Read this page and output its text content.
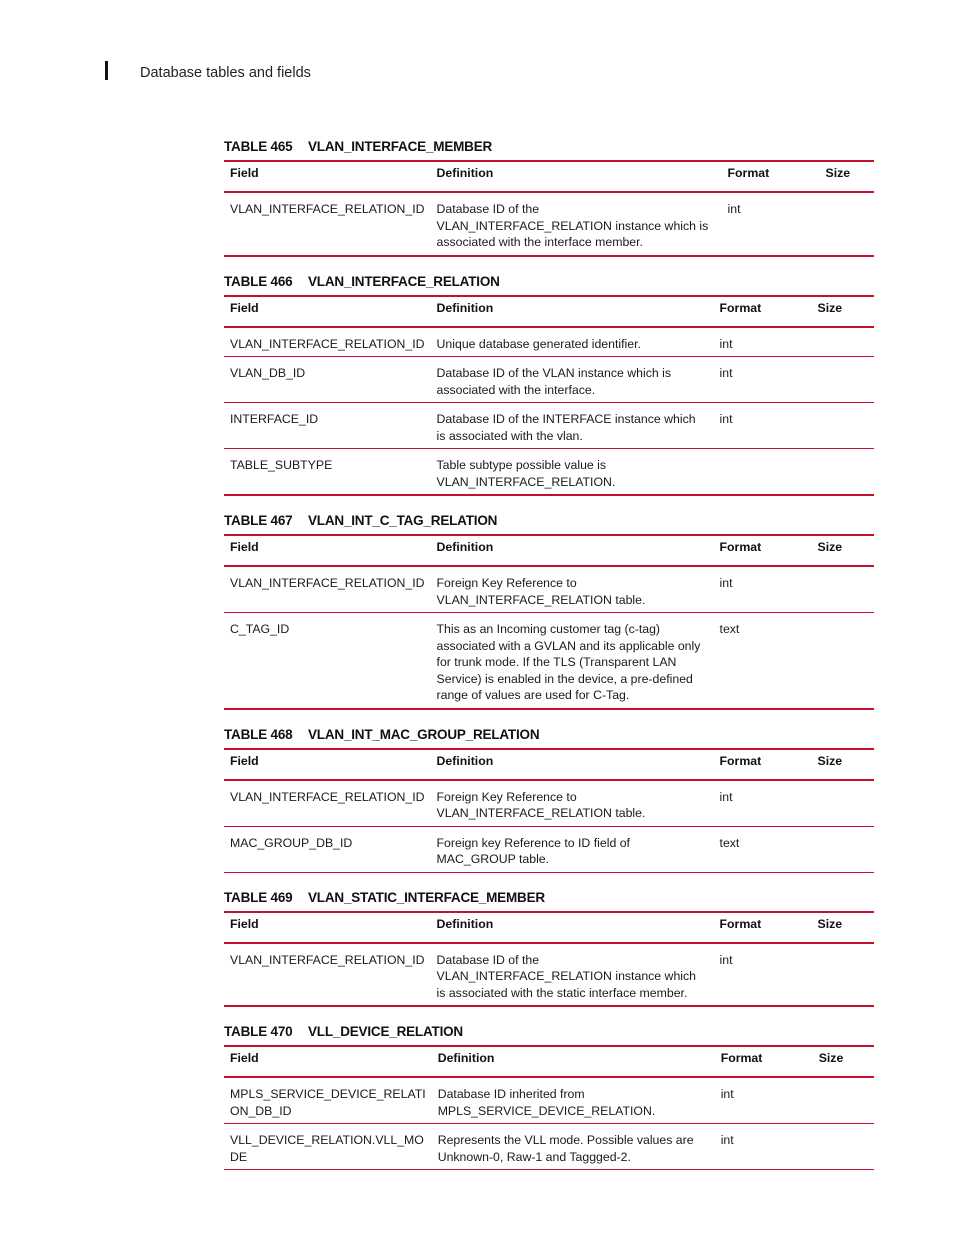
Database tables and fields
TABLE 465	VLAN_INTERFACE_MEMBER
Field	Definition	Format	Size
VLAN_INTERFACE_RELATION_ID	Database ID of the VLAN_INTERFACE_RELATION instance which is associated with the interface member.	int	
TABLE 466	VLAN_INTERFACE_RELATION
Field	Definition	Format	Size
VLAN_INTERFACE_RELATION_ID	Unique database generated identifier.	int	
VLAN_DB_ID	Database ID of the VLAN instance which is associated with the interface.	int	
INTERFACE_ID	Database ID of the INTERFACE instance which is associated with the vlan.	int	
TABLE_SUBTYPE	Table subtype possible value is VLAN_INTERFACE_RELATION.		
TABLE 467	VLAN_INT_C_TAG_RELATION
Field	Definition	Format	Size
VLAN_INTERFACE_RELATION_ID	Foreign Key Reference to VLAN_INTERFACE_RELATION table.	int	
C_TAG_ID	This as an Incoming customer tag (c-tag) associated with a GVLAN and its applicable only for trunk mode. If the TLS (Transparent LAN Service) is enabled in the device, a pre-defined range of values are used for C-Tag.	text	
TABLE 468	VLAN_INT_MAC_GROUP_RELATION
Field	Definition	Format	Size
VLAN_INTERFACE_RELATION_ID	Foreign Key Reference to VLAN_INTERFACE_RELATION table.	int	
MAC_GROUP_DB_ID	Foreign key Reference to ID field of MAC_GROUP table.	text	
TABLE 469	VLAN_STATIC_INTERFACE_MEMBER
Field	Definition	Format	Size
VLAN_INTERFACE_RELATION_ID	Database ID of the VLAN_INTERFACE_RELATION instance which is associated with the static interface member.	int	
TABLE 470	VLL_DEVICE_RELATION
Field	Definition	Format	Size
MPLS_SERVICE_DEVICE_RELATI ON_DB_ID	Database ID inherited from MPLS_SERVICE_DEVICE_RELATION.	int	
VLL_DEVICE_RELATION.VLL_MO DE	Represents the VLL mode. Possible values are Unknown-0, Raw-1 and Taggged-2.	int	
